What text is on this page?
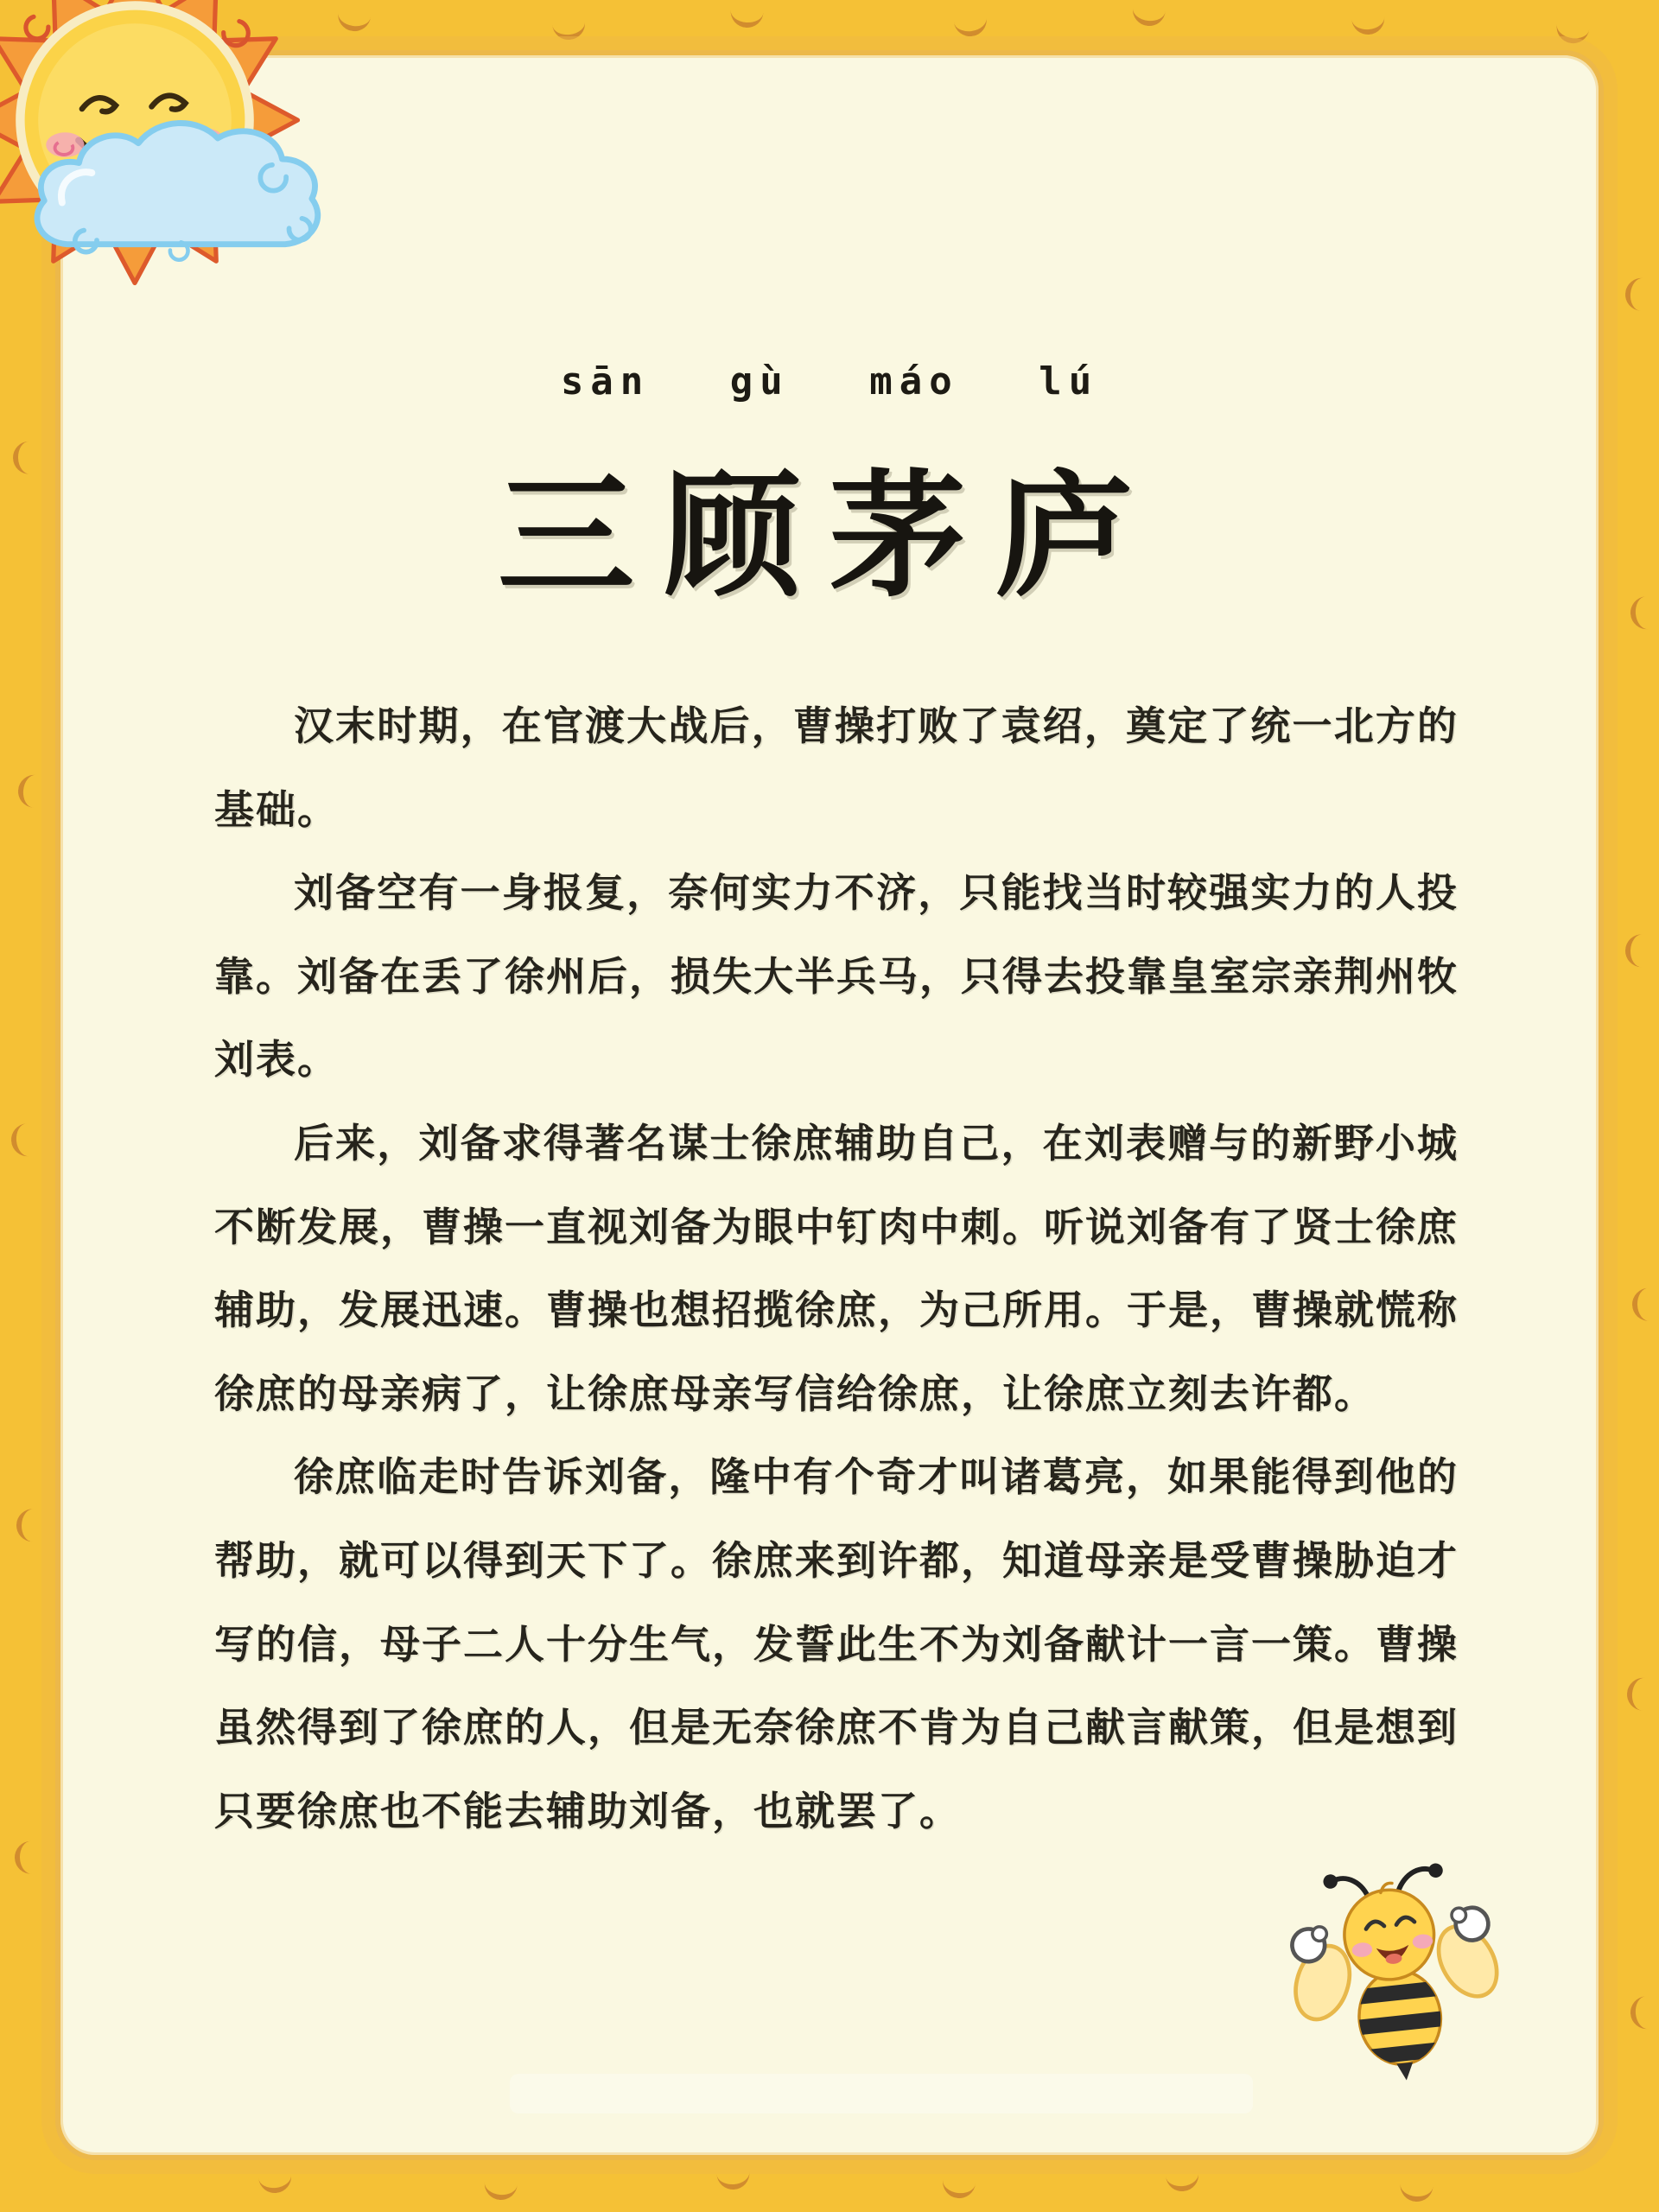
sān gù máo lú
三顾茅庐

汉末时期，在官渡大战后，曹操打败了袁绍，奠定了统一北方的基础。

刘备空有一身报复，奈何实力不济，只能找当时较强实力的人投靠。刘备在丢了徐州后，损失大半兵马，只得去投靠皇室宗亲荆州牧刘表。

后来，刘备求得著名谋士徐庶辅助自己，在刘表赠与的新野小城不断发展，曹操一直视刘备为眼中钉肉中刺。听说刘备有了贤士徐庶辅助，发展迅速。曹操也想招揽徐庶，为己所用。于是，曹操就慌称徐庶的母亲病了，让徐庶母亲写信给徐庶，让徐庶立刻去许都。

徐庶临走时告诉刘备，隆中有个奇才叫诸葛亮，如果能得到他的帮助，就可以得到天下了。徐庶来到许都，知道母亲是受曹操胁迫才写的信，母子二人十分生气，发誓此生不为刘备献计一言一策。曹操虽然得到了徐庶的人，但是无奈徐庶不肯为自己献言献策，但是想到只要徐庶也不能去辅助刘备，也就罢了。
